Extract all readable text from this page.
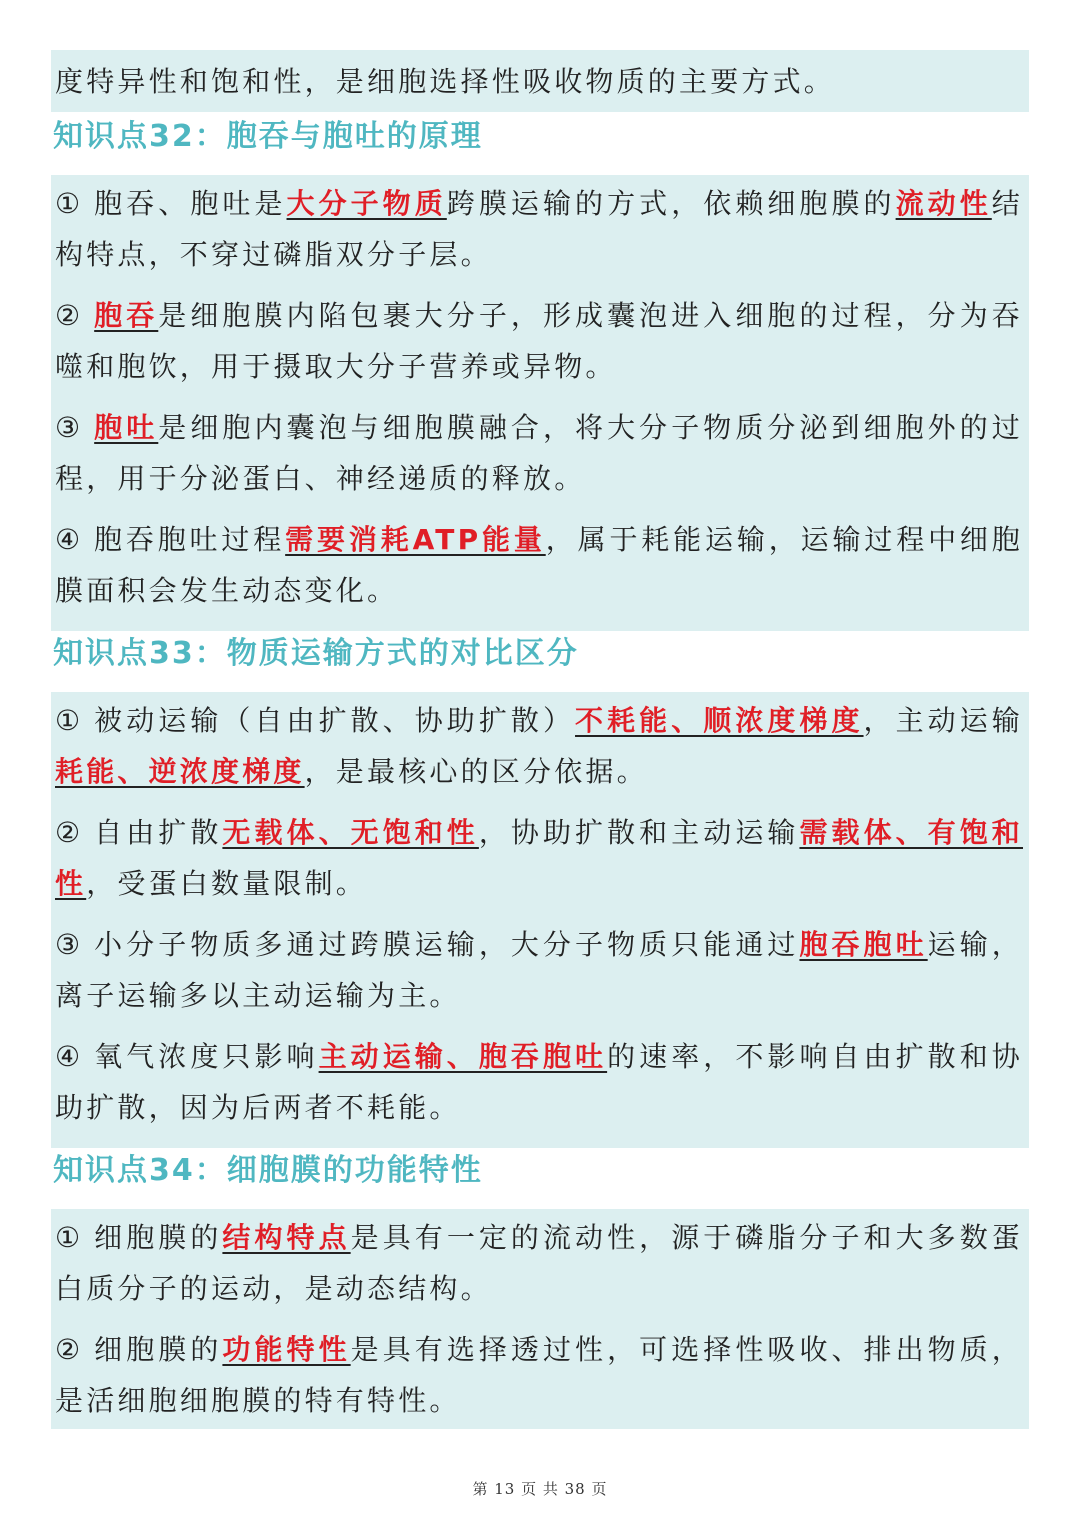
度特异性和饱和性，是细胞选择性吸收物质的主要方式。

知识点32：胞吞与胞吐的原理

① 胞吞、胞吐是大分子物质跨膜运输的方式，依赖细胞膜的流动性结构特点，不穿过磷脂双分子层。

② 胞吞是细胞膜内陷包裹大分子，形成囊泡进入细胞的过程，分为吞噬和胞饮，用于摄取大分子营养或异物。

③ 胞吐是细胞内囊泡与细胞膜融合，将大分子物质分泌到细胞外的过程，用于分泌蛋白、神经递质的释放。

④ 胞吞胞吐过程需要消耗ATP能量，属于耗能运输，运输过程中细胞膜面积会发生动态变化。

知识点33：物质运输方式的对比区分

① 被动运输（自由扩散、协助扩散）不耗能、顺浓度梯度，主动运输耗能、逆浓度梯度，是最核心的区分依据。

② 自由扩散无载体、无饱和性，协助扩散和主动运输需载体、有饱和性，受蛋白数量限制。

③ 小分子物质多通过跨膜运输，大分子物质只能通过胞吞胞吐运输，离子运输多以主动运输为主。

④ 氧气浓度只影响主动运输、胞吞胞吐的速率，不影响自由扩散和协助扩散，因为后两者不耗能。

知识点34：细胞膜的功能特性

① 细胞膜的结构特点是具有一定的流动性，源于磷脂分子和大多数蛋白质分子的运动，是动态结构。

② 细胞膜的功能特性是具有选择透过性，可选择性吸收、排出物质，是活细胞细胞膜的特有特性。

第 13 页 共 38 页
